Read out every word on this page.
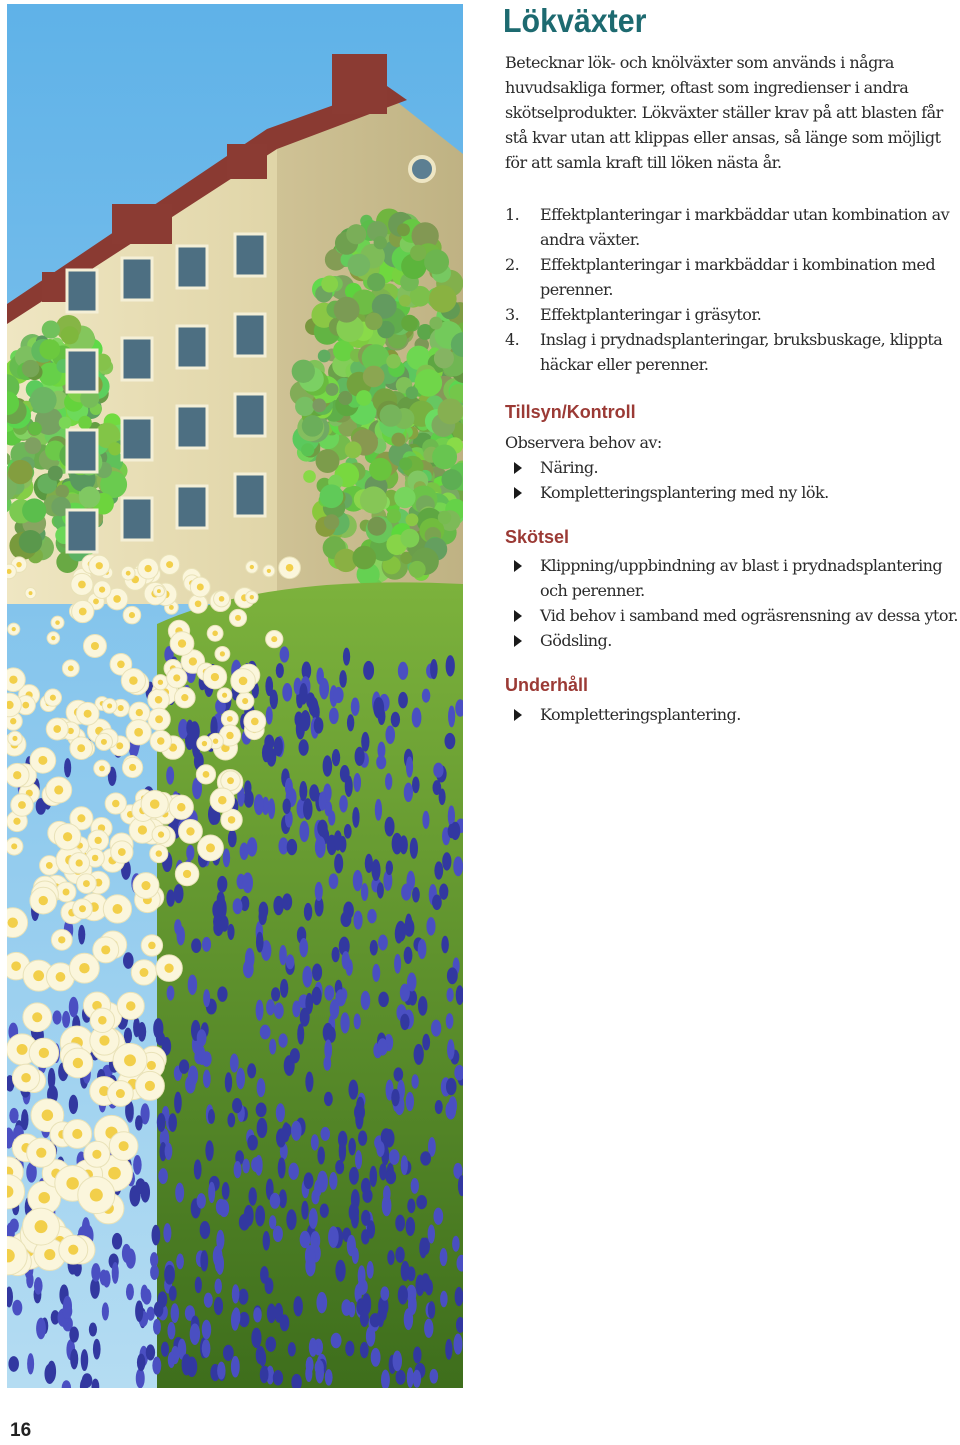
Lökväxter

Betecknar lök- och knölväxter som används i några huvudsakliga former, oftast som ingredienser i andra skötselprodukter. Lökväxter ställer krav på att blasten får stå kvar utan att klippas eller ansas, så länge som möjligt för att samla kraft till löken nästa år.

1. Effektplanteringar i markbäddar utan kombination av andra växter.
2. Effektplanteringar i markbäddar i kombination med perenner.
3. Effektplanteringar i gräsytor.
4. Inslag i prydnadsplanteringar, bruksbuskage, klippta häckar eller perenner.
Tillsyn/Kontroll

Observera behov av:

Näring.
Kompletteringsplantering med ny lök.
Skötsel
Klippning/uppbindning av blast i prydnadsplantering och perenner.
Vid behov i samband med ogräsrensning av dessa ytor.
Gödsling.
Underhåll
Kompletteringsplantering.
16
